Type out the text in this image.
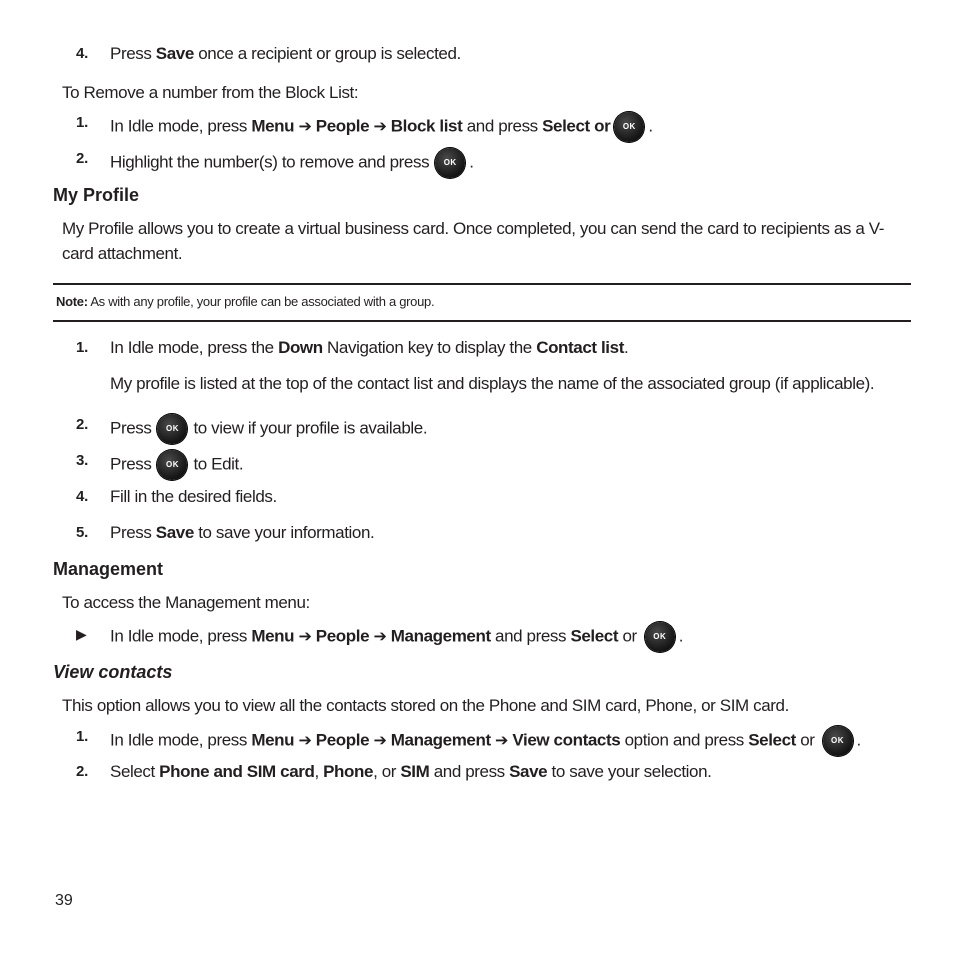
4. Press Save once a recipient or group is selected.
To Remove a number from the Block List:
1. In Idle mode, press Menu ➔ People ➔ Block list and press Select or OK .
2. Highlight the number(s) to remove and press OK .
My Profile
My Profile allows you to create a virtual business card. Once completed, you can send the card to recipients as a V-card attachment.
Note: As with any profile, your profile can be associated with a group.
1. In Idle mode, press the Down Navigation key to display the Contact list.
My profile is listed at the top of the contact list and displays the name of the associated group (if applicable).
2. Press OK to view if your profile is available.
3. Press OK to Edit.
4. Fill in the desired fields.
5. Press Save to save your information.
Management
To access the Management menu:
▶ In Idle mode, press Menu ➔ People ➔ Management and press Select or OK .
View contacts
This option allows you to view all the contacts stored on the Phone and SIM card, Phone, or SIM card.
1. In Idle mode, press Menu ➔ People ➔ Management ➔ View contacts option and press Select or OK .
2. Select Phone and SIM card, Phone, or SIM and press Save to save your selection.
39
